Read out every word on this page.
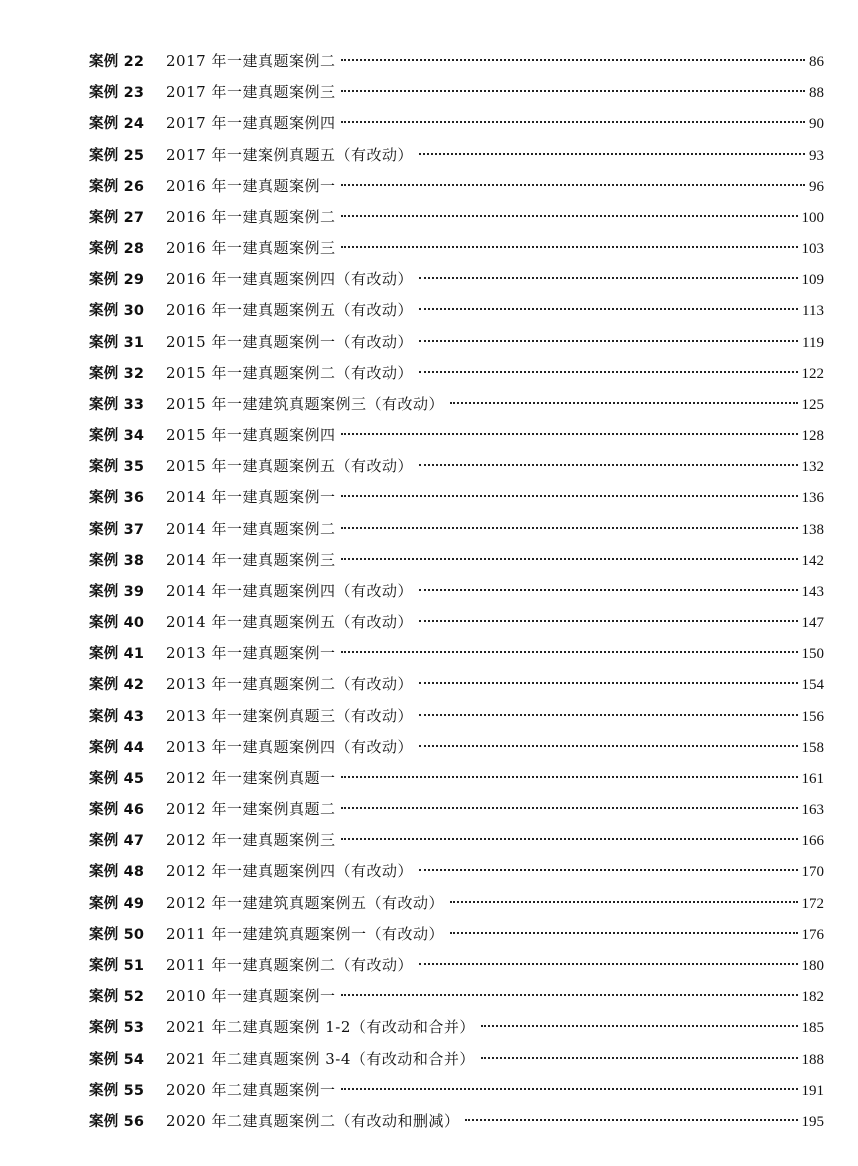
案例 22	2017 年一建真题案例二	86
案例 23	2017 年一建真题案例三	88
案例 24	2017 年一建真题案例四	90
案例 25	2017 年一建案例真题五（有改动）	93
案例 26	2016 年一建真题案例一	96
案例 27	2016 年一建真题案例二	100
案例 28	2016 年一建真题案例三	103
案例 29	2016 年一建真题案例四（有改动）	109
案例 30	2016 年一建真题案例五（有改动）	113
案例 31	2015 年一建真题案例一（有改动）	119
案例 32	2015 年一建真题案例二（有改动）	122
案例 33	2015 年一建建筑真题案例三（有改动）	125
案例 34	2015 年一建真题案例四	128
案例 35	2015 年一建真题案例五（有改动）	132
案例 36	2014 年一建真题案例一	136
案例 37	2014 年一建真题案例二	138
案例 38	2014 年一建真题案例三	142
案例 39	2014 年一建真题案例四（有改动）	143
案例 40	2014 年一建真题案例五（有改动）	147
案例 41	2013 年一建真题案例一	150
案例 42	2013 年一建真题案例二（有改动）	154
案例 43	2013 年一建案例真题三（有改动）	156
案例 44	2013 年一建真题案例四（有改动）	158
案例 45	2012 年一建案例真题一	161
案例 46	2012 年一建案例真题二	163
案例 47	2012 年一建真题案例三	166
案例 48	2012 年一建真题案例四（有改动）	170
案例 49	2012 年一建建筑真题案例五（有改动）	172
案例 50	2011 年一建建筑真题案例一（有改动）	176
案例 51	2011 年一建真题案例二（有改动）	180
案例 52	2010 年一建真题案例一	182
案例 53	2021 年二建真题案例 1-2（有改动和合并）	185
案例 54	2021 年二建真题案例 3-4（有改动和合并）	188
案例 55	2020 年二建真题案例一	191
案例 56	2020 年二建真题案例二（有改动和删减）	195
